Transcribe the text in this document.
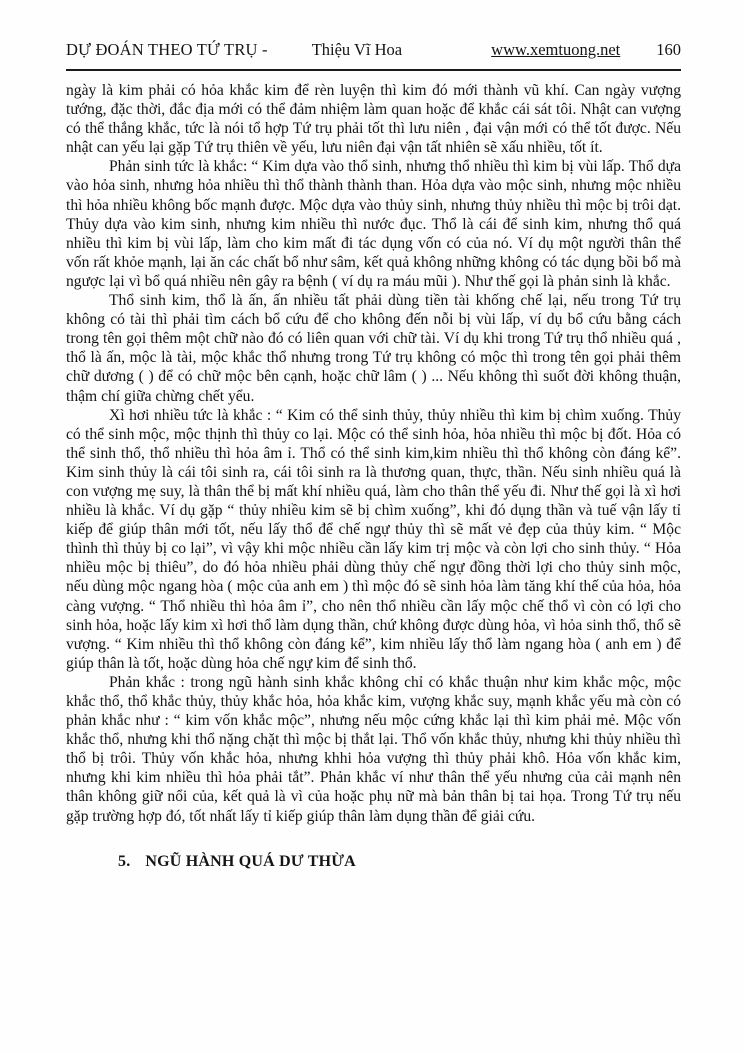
DỰ ĐOÁN THEO TỨ TRỤ -	Thiệu Vĩ Hoa	www.xemtuong.net 160

ngày là kim phải có hỏa khắc kim để rèn luyện thì kim đó mới thành vũ khí. Can ngày vượng tướng, đặc thời, đắc địa mới có thể đảm nhiệm làm quan hoặc để khắc cái sát tôi. Nhật can vượng có thể thắng khắc, tức là nói tổ hợp Tứ trụ phải tốt thì lưu niên , đại vận mới có thể tốt được. Nếu nhật can yếu lại gặp Tứ trụ thiên về yếu, lưu niên đại vận tất nhiên sẽ xấu nhiều, tốt ít.

Phản sinh tức là khắc: “ Kim dựa vào thổ sinh, nhưng thổ nhiều thì kim bị vùi lấp. Thổ dựa vào hỏa sinh, nhưng hỏa nhiều thì thổ thành thành than. Hỏa dựa vào mộc sinh, nhưng mộc nhiều thì hỏa nhiều không bốc mạnh được. Mộc dựa vào thủy sinh, nhưng thủy nhiều thì mộc bị trôi dạt. Thủy dựa vào kim sinh, nhưng kim nhiều thì nước đục. Thổ là cái để sinh kim, nhưng thổ quá nhiều thì kim bị vùi lấp, làm cho kim mất đi tác dụng vốn có của nó. Ví dụ một người thân thể vốn rất khỏe mạnh, lại ăn các chất bổ như sâm, kết quả không những không có tác dụng bồi bổ mà ngược lại vì bổ quá nhiều nên gây ra bệnh ( ví dụ ra máu mũi ). Như thế gọi là phản sinh là khắc.

Thổ sinh kim, thổ là ấn, ấn nhiều tất phải dùng tiền tài khống chế lại, nếu trong Tứ trụ không có tài thì phải tìm cách bổ cứu để cho không đến nỗi bị vùi lấp, ví dụ bổ cứu bằng cách trong tên gọi thêm một chữ nào đó có liên quan với chữ tài. Ví dụ khi trong Tứ trụ thổ nhiều quá , thổ là ấn, mộc là tài, mộc khắc thổ nhưng trong Tứ trụ không có mộc thì trong tên gọi phải thêm chữ dương ( ) để có chữ mộc bên cạnh, hoặc chữ lâm ( ) ... Nếu không thì suốt đời không thuận, thậm chí giữa chừng chết yểu.

Xì hơi nhiều tức là khắc : “ Kim có thể sinh thủy, thủy nhiều thì kim bị chìm xuống. Thủy có thể sinh mộc, mộc thịnh thì thủy co lại. Mộc có thể sinh hỏa, hỏa nhiều thì mộc bị đốt. Hỏa có thể sinh thổ, thổ nhiều thì hỏa âm ỉ. Thổ có thể sinh kim,kim nhiều thì thổ không còn đáng kể”. Kim sinh thủy là cái tôi sinh ra, cái tôi sinh ra là thương quan, thực, thần. Nếu sinh nhiều quá là con vượng mẹ suy, là thân thể bị mất khí nhiều quá, làm cho thân thể yếu đi. Như thế gọi là xì hơi nhiều là khắc. Ví dụ gặp “ thủy nhiều kim sẽ bị chìm xuống”, khi đó dụng thần và tuế vận lấy tỉ kiếp để giúp thân mới tốt, nếu lấy thổ để chế ngự thủy thì sẽ mất vẻ đẹp của thủy kim. “ Mộc thình thì thủy bị co lại”, vì vậy khi mộc nhiều cần lấy kim trị mộc và còn lợi cho sinh thủy. “ Hỏa nhiều mộc bị thiêu”, do đó hỏa nhiều phải dùng thủy chế ngự đồng thời lợi cho thủy sinh mộc, nếu dùng mộc ngang hòa ( mộc của anh em ) thì mộc đó sẽ sinh hỏa làm tăng khí thế của hỏa, hỏa càng vượng. “ Thổ nhiều thì hỏa âm ỉ”, cho nên thổ nhiều cần lấy mộc chế thổ vì còn có lợi cho sinh hỏa, hoặc lấy kim xì hơi thổ làm dụng thần, chứ không được dùng hỏa, vì hỏa sinh thổ, thổ sẽ vượng. “ Kim nhiều thì thổ không còn đáng kể”, kim nhiều lấy thổ làm ngang hòa ( anh em ) để giúp thân là tốt, hoặc dùng hỏa chế ngự kim để sinh thổ.

Phản khắc : trong ngũ hành sinh khắc không chỉ có khắc thuận như kim khắc mộc, mộc khắc thổ, thổ khắc thủy, thủy khắc hỏa, hỏa khắc kim, vượng khắc suy, mạnh khắc yếu mà còn có phản khắc như : “ kim vốn khắc mộc”, nhưng nếu mộc cứng khắc lại thì kim phải mẻ. Mộc vốn khắc thổ, nhưng khi thổ nặng chặt thì mộc bị thắt lại. Thổ vốn khắc thủy, nhưng khi thủy nhiều thì thổ bị trôi. Thủy vốn khắc hỏa, nhưng khhi hỏa vượng thì thủy phải khô. Hỏa vốn khắc kim, nhưng khi kim nhiều thì hỏa phải tắt”. Phản khắc ví như thân thể yếu nhưng của cải mạnh nên thân không giữ nổi của, kết quả là vì của hoặc phụ nữ mà bản thân bị tai họa. Trong Tứ trụ nếu gặp trường hợp đó, tốt nhất lấy tỉ kiếp giúp thân làm dụng thần để giải cứu.

5. NGŨ HÀNH QUÁ DƯ THỪA
